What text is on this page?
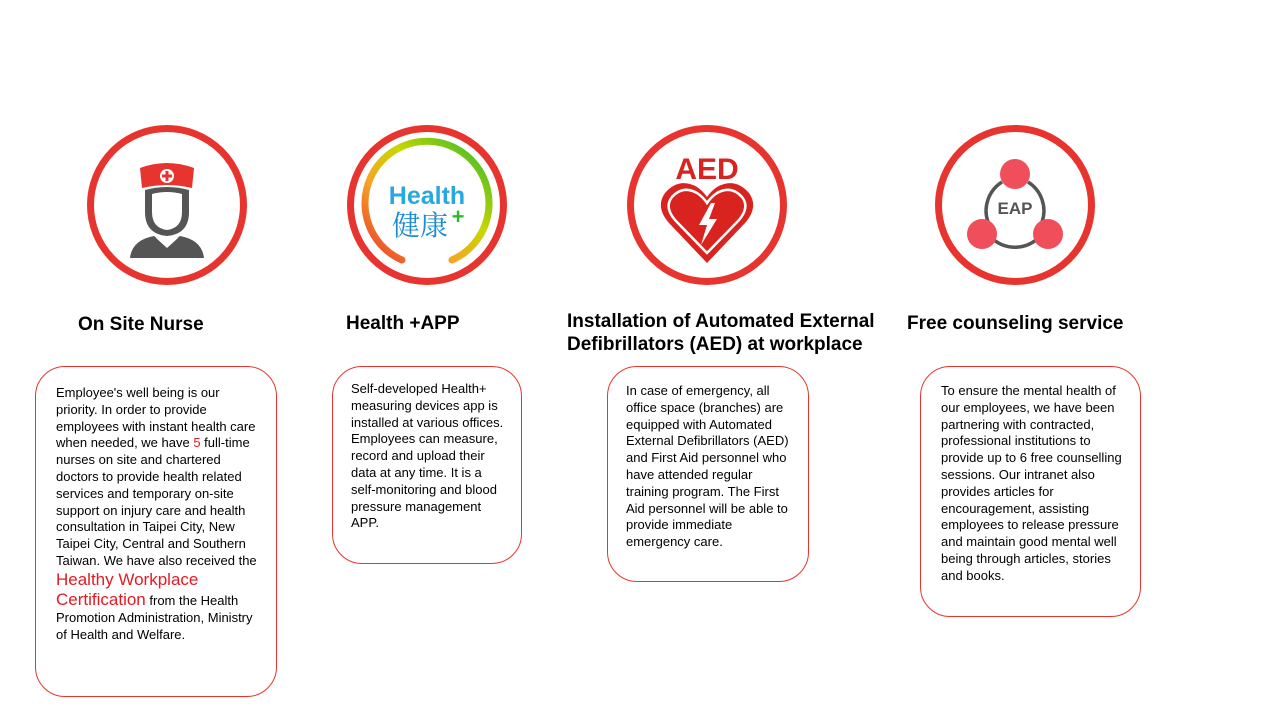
On Site Nurse

Employee's well being is our priority. In order to provide employees with instant health care when needed, we have 5 full-time nurses on site and chartered doctors to provide health related services and temporary on-site support on injury care and health consultation in Taipei City, New Taipei City, Central and Southern Taiwan. We have also received the Healthy Workplace Certification from the Health Promotion Administration, Ministry of Health and Welfare.

Health
健康 +
Health +APP

Self-developed Health+ measuring devices app is installed at various offices. Employees can measure, record and upload their data at any time. It is a self-monitoring and blood pressure management APP.

AED
Installation of Automated External Defibrillators (AED) at workplace

In case of emergency, all office space (branches) are equipped with Automated External Defibrillators (AED) and First Aid personnel who have attended regular training program. The First Aid personnel will be able to provide immediate emergency care.

EAP
Free counseling service

To ensure the mental health of our employees, we have been partnering with contracted, professional institutions to provide up to 6 free counselling sessions. Our intranet also provides articles for encouragement, assisting employees to release pressure and maintain good mental well being through articles, stories and books.
